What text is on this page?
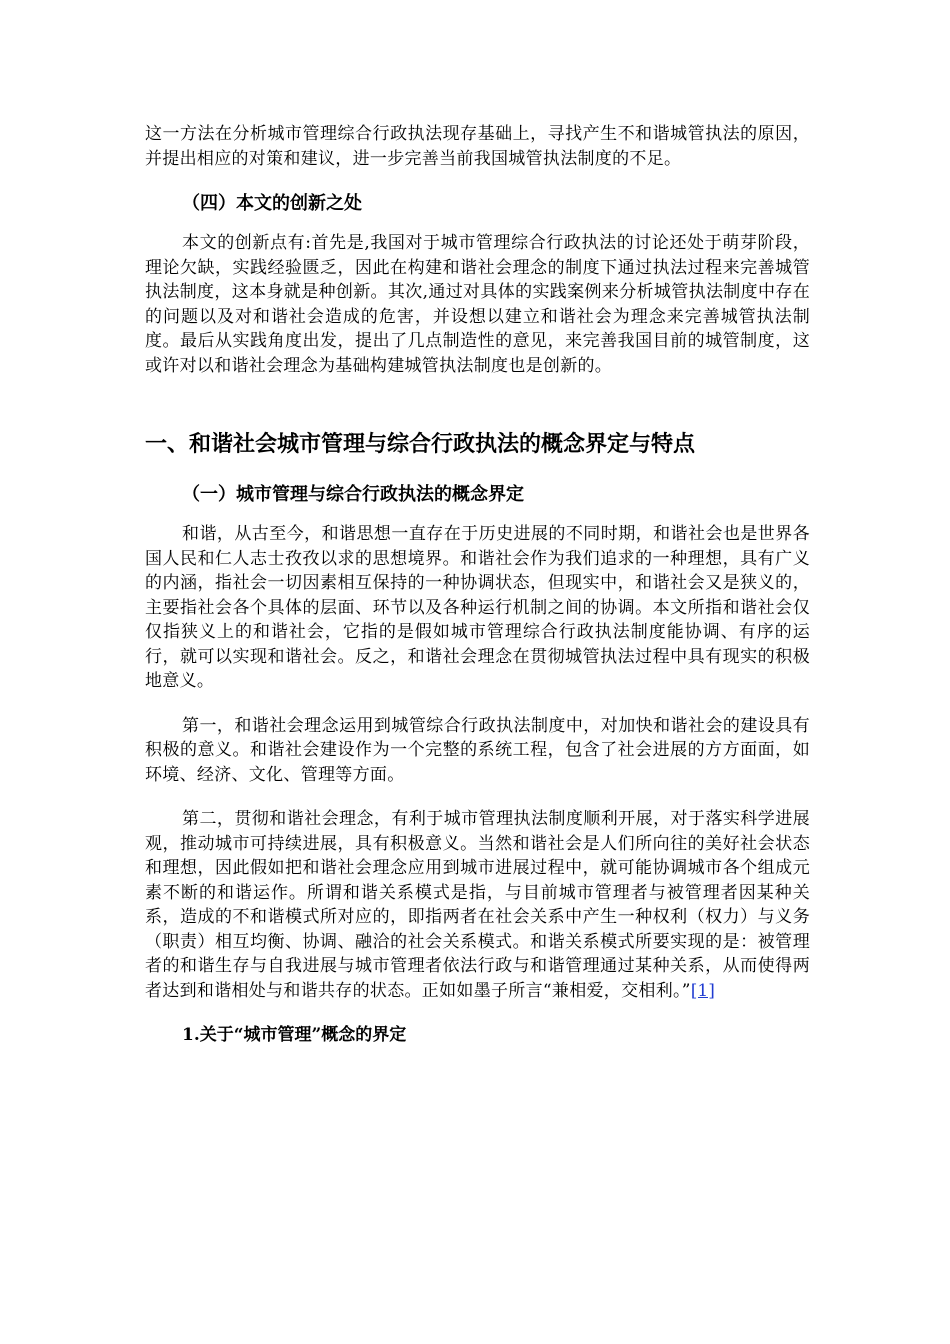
这一方法在分析城市管理综合行政执法现存基础上，寻找产生不和谐城管执法的原因，并提出相应的对策和建议，进一步完善当前我国城管执法制度的不足。

（四）本文的创新之处

本文的创新点有:首先是,我国对于城市管理综合行政执法的讨论还处于萌芽阶段，理论欠缺，实践经验匮乏，因此在构建和谐社会理念的制度下通过执法过程来完善城管执法制度，这本身就是种创新。其次,通过对具体的实践案例来分析城管执法制度中存在的问题以及对和谐社会造成的危害，并设想以建立和谐社会为理念来完善城管执法制度。最后从实践角度出发，提出了几点制造性的意见，来完善我国目前的城管制度，这或许对以和谐社会理念为基础构建城管执法制度也是创新的。

一、和谐社会城市管理与综合行政执法的概念界定与特点

（一）城市管理与综合行政执法的概念界定

和谐，从古至今，和谐思想一直存在于历史进展的不同时期，和谐社会也是世界各国人民和仁人志士孜孜以求的思想境界。和谐社会作为我们追求的一种理想，具有广义的内涵，指社会一切因素相互保持的一种协调状态，但现实中，和谐社会又是狭义的，主要指社会各个具体的层面、环节以及各种运行机制之间的协调。本文所指和谐社会仅仅指狭义上的和谐社会，它指的是假如城市管理综合行政执法制度能协调、有序的运行，就可以实现和谐社会。反之，和谐社会理念在贯彻城管执法过程中具有现实的积极地意义。

第一，和谐社会理念运用到城管综合行政执法制度中，对加快和谐社会的建设具有积极的意义。和谐社会建设作为一个完整的系统工程，包含了社会进展的方方面面，如环境、经济、文化、管理等方面。

第二，贯彻和谐社会理念，有利于城市管理执法制度顺利开展，对于落实科学进展观，推动城市可持续进展，具有积极意义。当然和谐社会是人们所向往的美好社会状态和理想，因此假如把和谐社会理念应用到城市进展过程中，就可能协调城市各个组成元素不断的和谐运作。所谓和谐关系模式是指，与目前城市管理者与被管理者因某种关系，造成的不和谐模式所对应的，即指两者在社会关系中产生一种权利（权力）与义务（职责）相互均衡、协调、融洽的社会关系模式。和谐关系模式所要实现的是：被管理者的和谐生存与自我进展与城市管理者依法行政与和谐管理通过某种关系，从而使得两者达到和谐相处与和谐共存的状态。正如如墨子所言“兼相爱，交相利。”[1]

1.关于“城市管理”概念的界定
